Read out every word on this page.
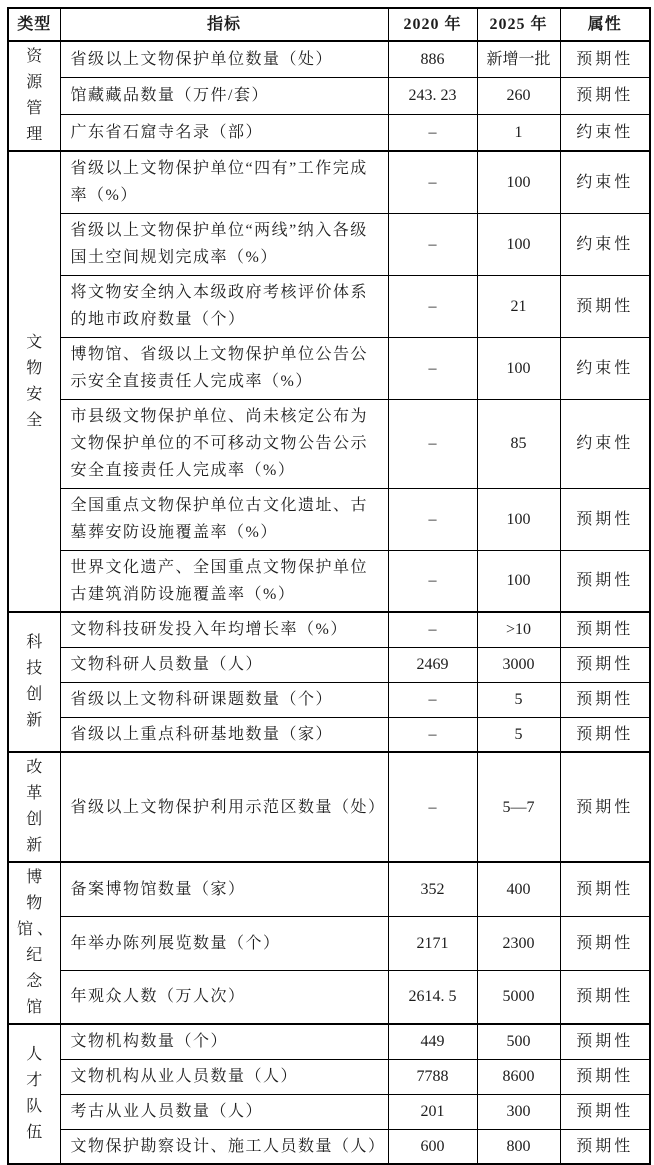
类型	指标	2020 年	2025 年	属性
资源管理	省级以上文物保护单位数量（处）	886	新增一批	预期性
	馆藏藏品数量（万件/套）	243. 23	260	预期性
	广东省石窟寺名录（部）	–	1	约束性
文物安全	省级以上文物保护单位“四有”工作完成率（%）	–	100	约束性
	省级以上文物保护单位“两线”纳入各级国土空间规划完成率（%）	–	100	约束性
	将文物安全纳入本级政府考核评价体系的地市政府数量（个）	–	21	预期性
	博物馆、省级以上文物保护单位公告公示安全直接责任人完成率（%）	–	100	约束性
	市县级文物保护单位、尚未核定公布为文物保护单位的不可移动文物公告公示安全直接责任人完成率（%）	–	85	约束性
	全国重点文物保护单位古文化遗址、古墓葬安防设施覆盖率（%）	–	100	预期性
	世界文化遗产、全国重点文物保护单位古建筑消防设施覆盖率（%）	–	100	预期性
科技创新	文物科技研发投入年均增长率（%）	–	>10	预期性
	文物科研人员数量（人）	2469	3000	预期性
	省级以上文物科研课题数量（个）	–	5	预期性
	省级以上重点科研基地数量（家）	–	5	预期性
改革创新	省级以上文物保护利用示范区数量（处）	–	5—7	预期性
博物馆、纪念馆	备案博物馆数量（家）	352	400	预期性
	年举办陈列展览数量（个）	2171	2300	预期性
	年观众人数（万人次）	2614. 5	5000	预期性
人才队伍	文物机构数量（个）	449	500	预期性
	文物机构从业人员数量（人）	7788	8600	预期性
	考古从业人员数量（人）	201	300	预期性
	文物保护勘察设计、施工人员数量（人）	600	800	预期性
